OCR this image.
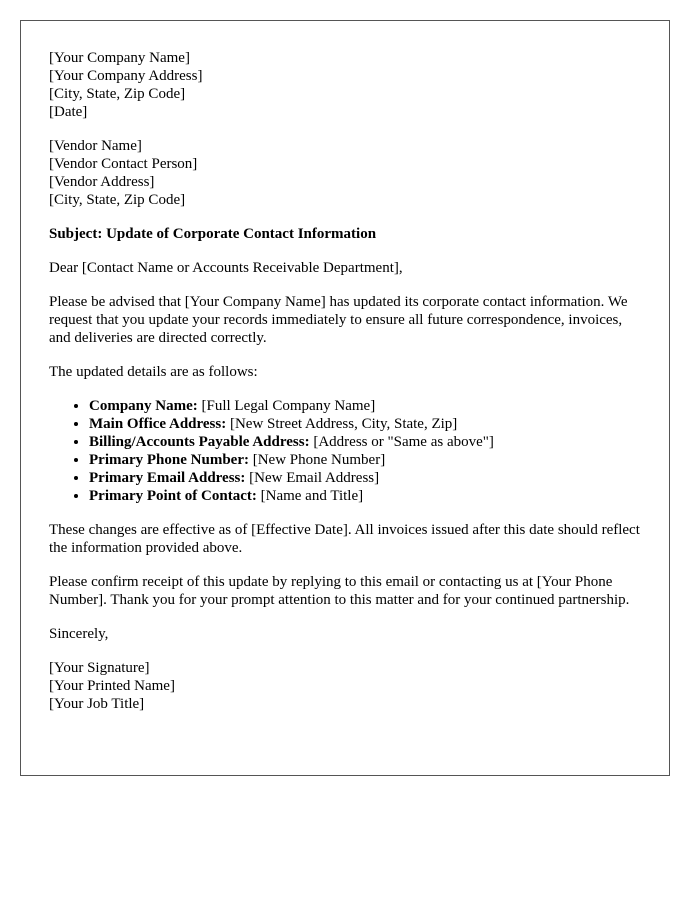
[Your Company Name]
[Your Company Address]
[City, State, Zip Code]
[Date]
[Vendor Name]
[Vendor Contact Person]
[Vendor Address]
[City, State, Zip Code]

Subject: Update of Corporate Contact Information

Dear [Contact Name or Accounts Receivable Department],

Please be advised that [Your Company Name] has updated its corporate contact information. We request that you update your records immediately to ensure all future correspondence, invoices, and deliveries are directed correctly.

The updated details are as follows:

• Company Name: [Full Legal Company Name]
• Main Office Address: [New Street Address, City, State, Zip]
• Billing/Accounts Payable Address: [Address or "Same as above"]
• Primary Phone Number: [New Phone Number]
• Primary Email Address: [New Email Address]
• Primary Point of Contact: [Name and Title]

These changes are effective as of [Effective Date]. All invoices issued after this date should reflect the information provided above.

Please confirm receipt of this update by replying to this email or contacting us at [Your Phone Number]. Thank you for your prompt attention to this matter and for your continued partnership.

Sincerely,

[Your Signature]
[Your Printed Name]
[Your Job Title]
